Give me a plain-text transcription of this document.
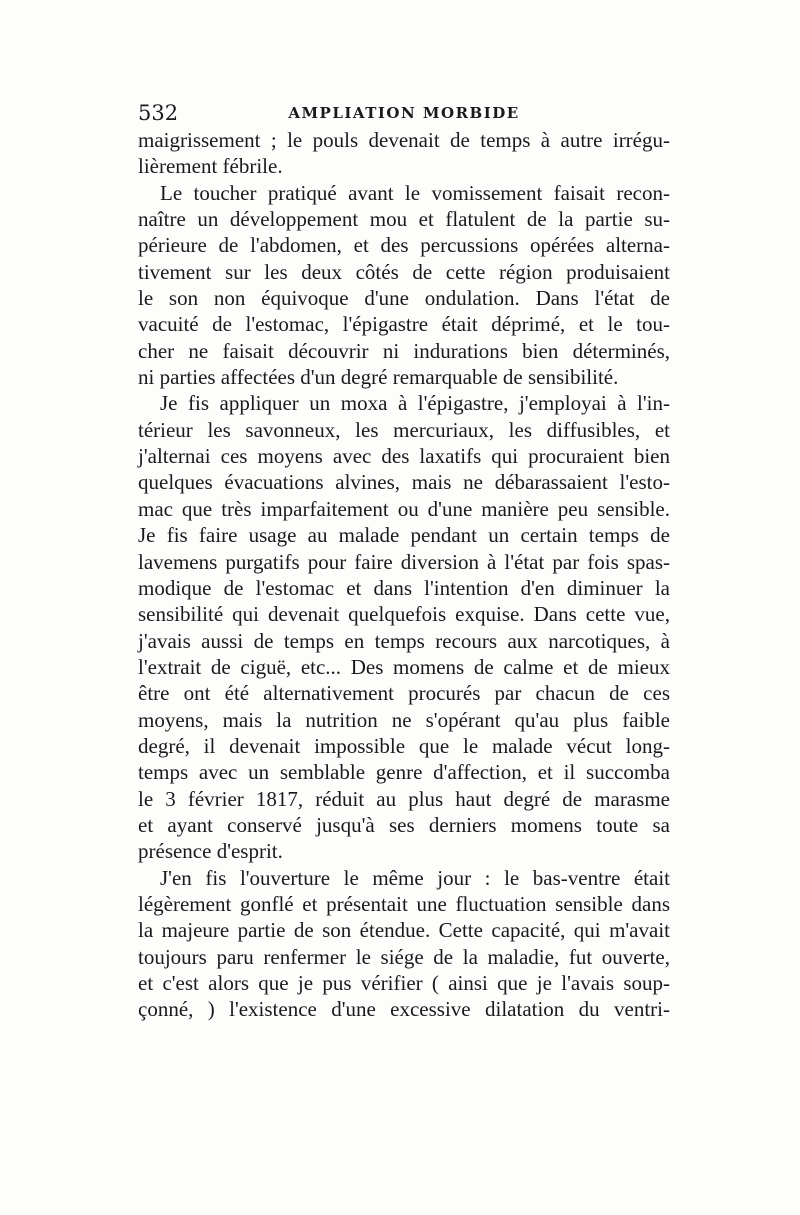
532	AMPLIATION MORBIDE
maigrissement ; le pouls devenait de temps à autre irrégu-
lièrement fébrile.
Le toucher pratiqué avant le vomissement faisait recon-
naître un développement mou et flatulent de la partie su-
périeure de l'abdomen, et des percussions opérées alterna-
tivement sur les deux côtés de cette région produisaient
le son non équivoque d'une ondulation. Dans l'état de
vacuité de l'estomac, l'épigastre était déprimé, et le tou-
cher ne faisait découvrir ni indurations bien déterminés,
ni parties affectées d'un degré remarquable de sensibilité.
Je fis appliquer un moxa à l'épigastre, j'employai à l'in-
térieur les savonneux, les mercuriaux, les diffusibles, et
j'alternai ces moyens avec des laxatifs qui procuraient bien
quelques évacuations alvines, mais ne débarassaient l'esto-
mac que très imparfaitement ou d'une manière peu sensible.
Je fis faire usage au malade pendant un certain temps de
lavemens purgatifs pour faire diversion à l'état par fois spas-
modique de l'estomac et dans l'intention d'en diminuer la
sensibilité qui devenait quelquefois exquise. Dans cette vue,
j'avais aussi de temps en temps recours aux narcotiques, à
l'extrait de ciguë, etc... Des momens de calme et de mieux
être ont été alternativement procurés par chacun de ces
moyens, mais la nutrition ne s'opérant qu'au plus faible
degré, il devenait impossible que le malade vécut long-
temps avec un semblable genre d'affection, et il succomba
le 3 février 1817, réduit au plus haut degré de marasme
et ayant conservé jusqu'à ses derniers momens toute sa
présence d'esprit.
J'en fis l'ouverture le même jour : le bas-ventre était
légèrement gonflé et présentait une fluctuation sensible dans
la majeure partie de son étendue. Cette capacité, qui m'avait
toujours paru renfermer le siége de la maladie, fut ouverte,
et c'est alors que je pus vérifier ( ainsi que je l'avais soup-
çonné, ) l'existence d'une excessive dilatation du ventri-
